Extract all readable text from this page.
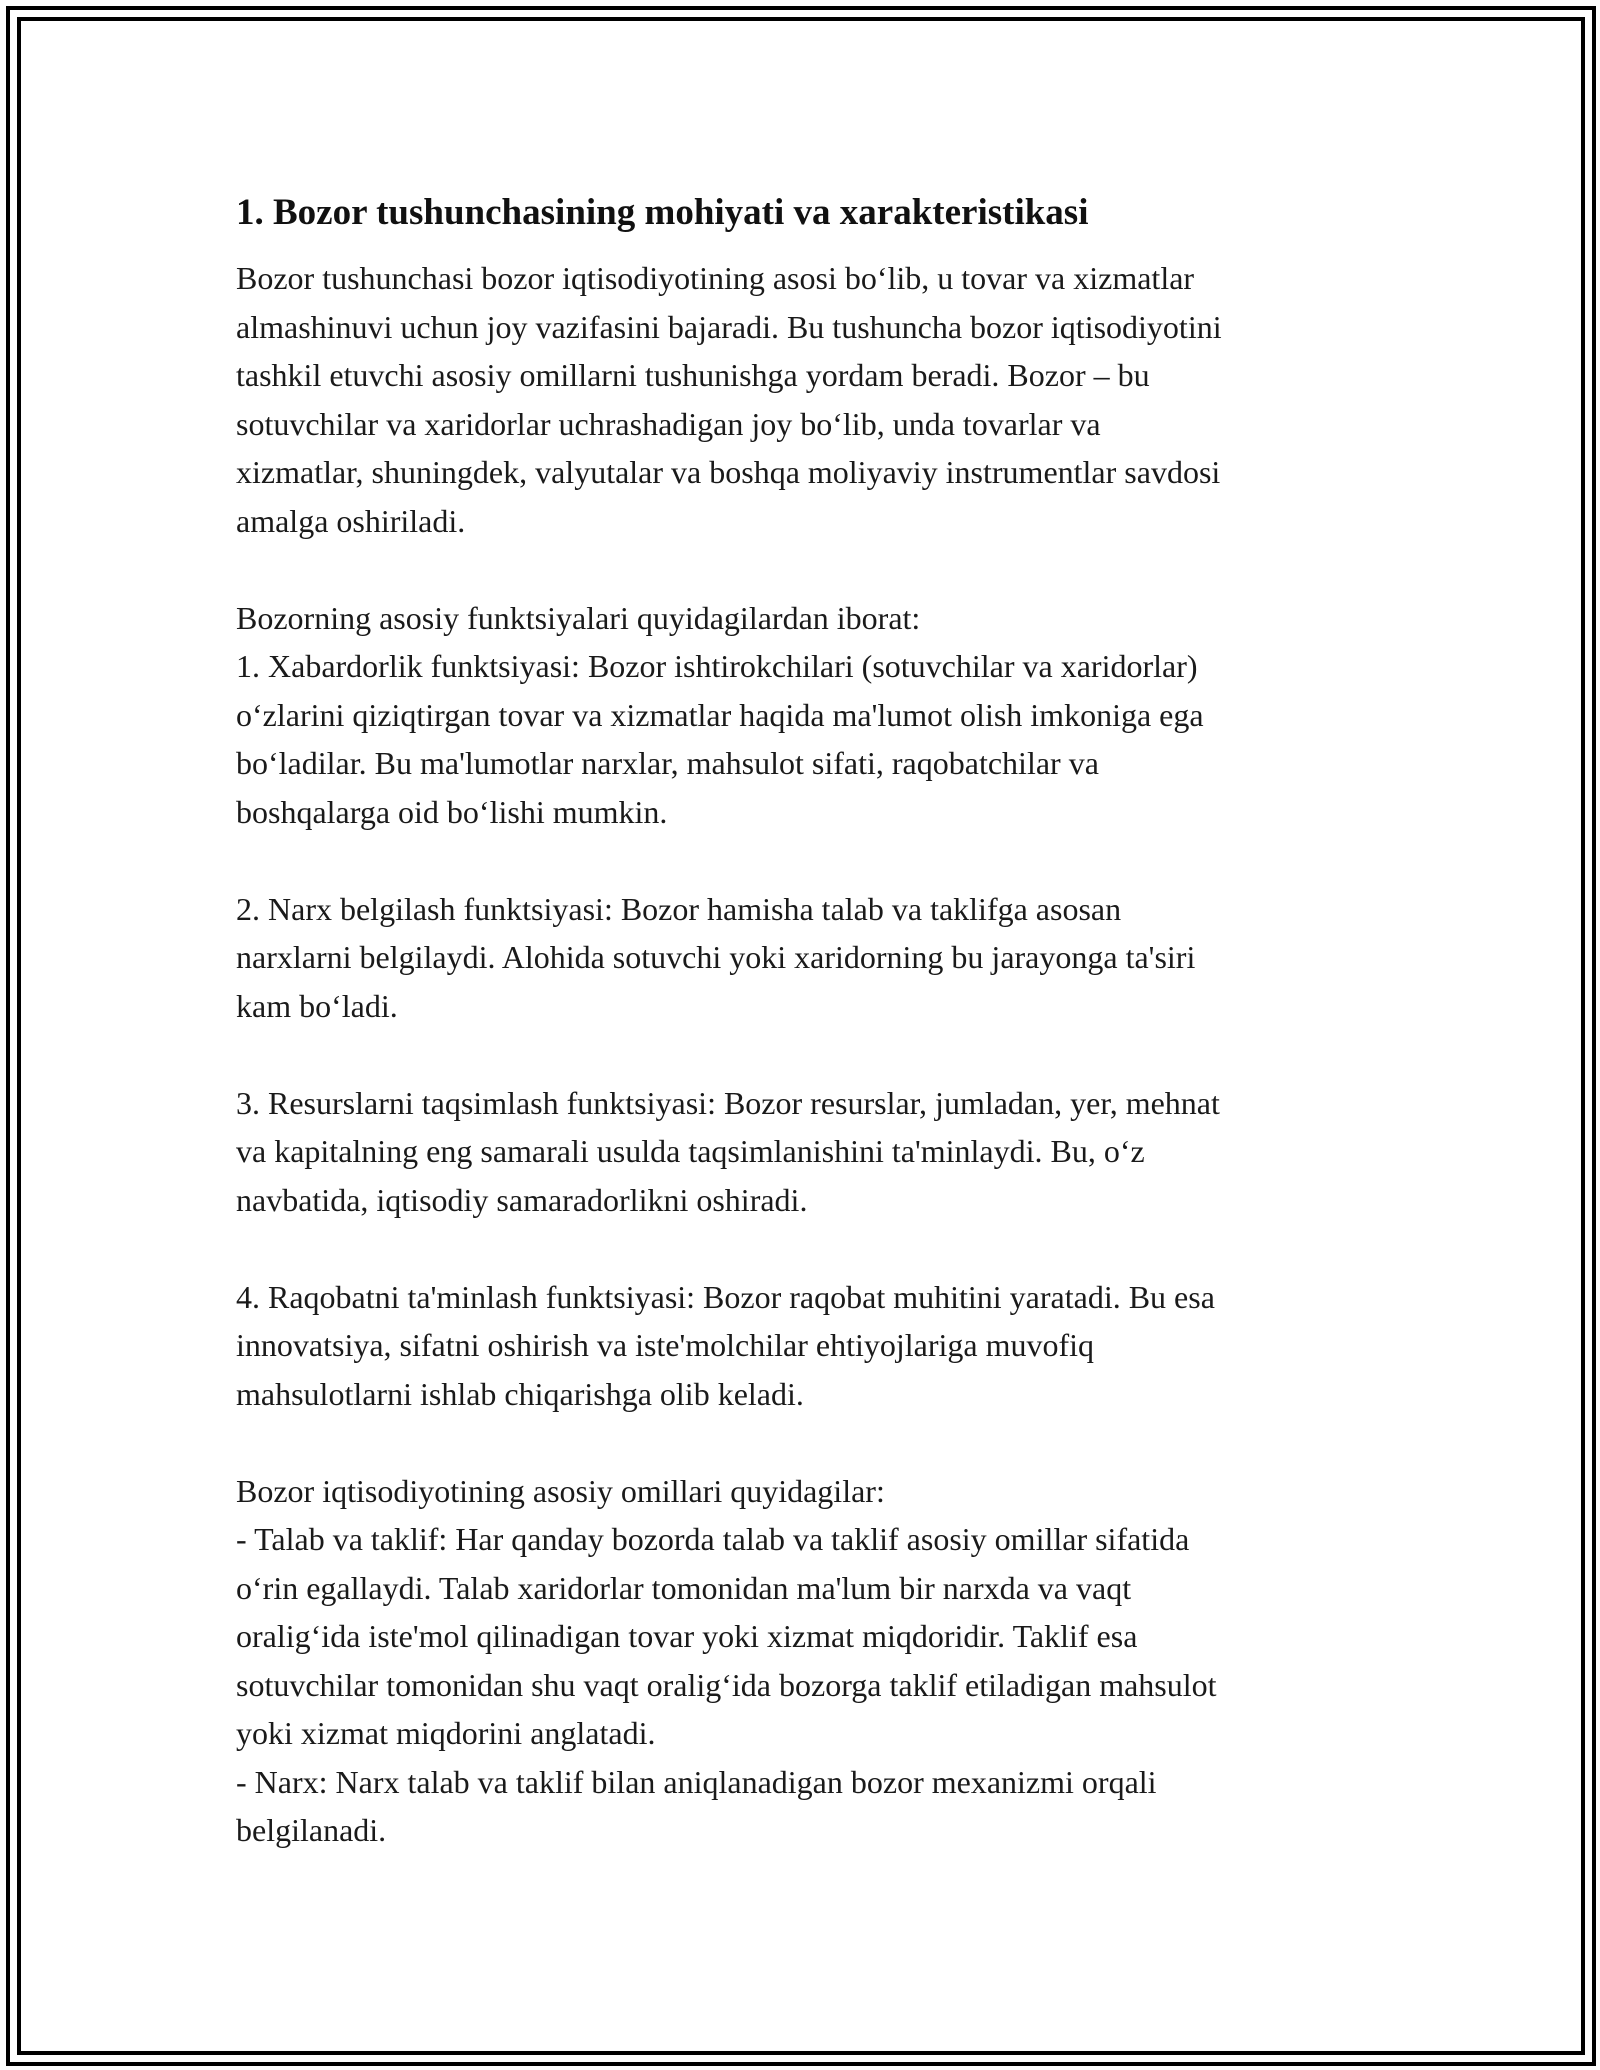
1. Bozor tushunchasining mohiyati va xarakteristikasi

Bozor tushunchasi bozor iqtisodiyotining asosi bo‘lib, u tovar va xizmatlar
almashinuvi uchun joy vazifasini bajaradi. Bu tushuncha bozor iqtisodiyotini
tashkil etuvchi asosiy omillarni tushunishga yordam beradi. Bozor – bu
sotuvchilar va xaridorlar uchrashadigan joy bo‘lib, unda tovarlar va
xizmatlar, shuningdek, valyutalar va boshqa moliyaviy instrumentlar savdosi
amalga oshiriladi.

Bozorning asosiy funktsiyalari quyidagilardan iborat:

1. Xabardorlik funktsiyasi: Bozor ishtirokchilari (sotuvchilar va xaridorlar)
o‘zlarini qiziqtirgan tovar va xizmatlar haqida ma'lumot olish imkoniga ega
bo‘ladilar. Bu ma'lumotlar narxlar, mahsulot sifati, raqobatchilar va
boshqalarga oid bo‘lishi mumkin.

2. Narx belgilash funktsiyasi: Bozor hamisha talab va taklifga asosan
narxlarni belgilaydi. Alohida sotuvchi yoki xaridorning bu jarayonga ta'siri
kam bo‘ladi.

3. Resurslarni taqsimlash funktsiyasi: Bozor resurslar, jumladan, yer, mehnat
va kapitalning eng samarali usulda taqsimlanishini ta'minlaydi. Bu, o‘z
navbatida, iqtisodiy samaradorlikni oshiradi.

4. Raqobatni ta'minlash funktsiyasi: Bozor raqobat muhitini yaratadi. Bu esa
innovatsiya, sifatni oshirish va iste'molchilar ehtiyojlariga muvofiq
mahsulotlarni ishlab chiqarishga olib keladi.

Bozor iqtisodiyotining asosiy omillari quyidagilar:

- Talab va taklif: Har qanday bozorda talab va taklif asosiy omillar sifatida
o‘rin egallaydi. Talab xaridorlar tomonidan ma'lum bir narxda va vaqt
oralig‘ida iste'mol qilinadigan tovar yoki xizmat miqdoridir. Taklif esa
sotuvchilar tomonidan shu vaqt oralig‘ida bozorga taklif etiladigan mahsulot
yoki xizmat miqdorini anglatadi.

- Narx: Narx talab va taklif bilan aniqlanadigan bozor mexanizmi orqali
belgilanadi.
